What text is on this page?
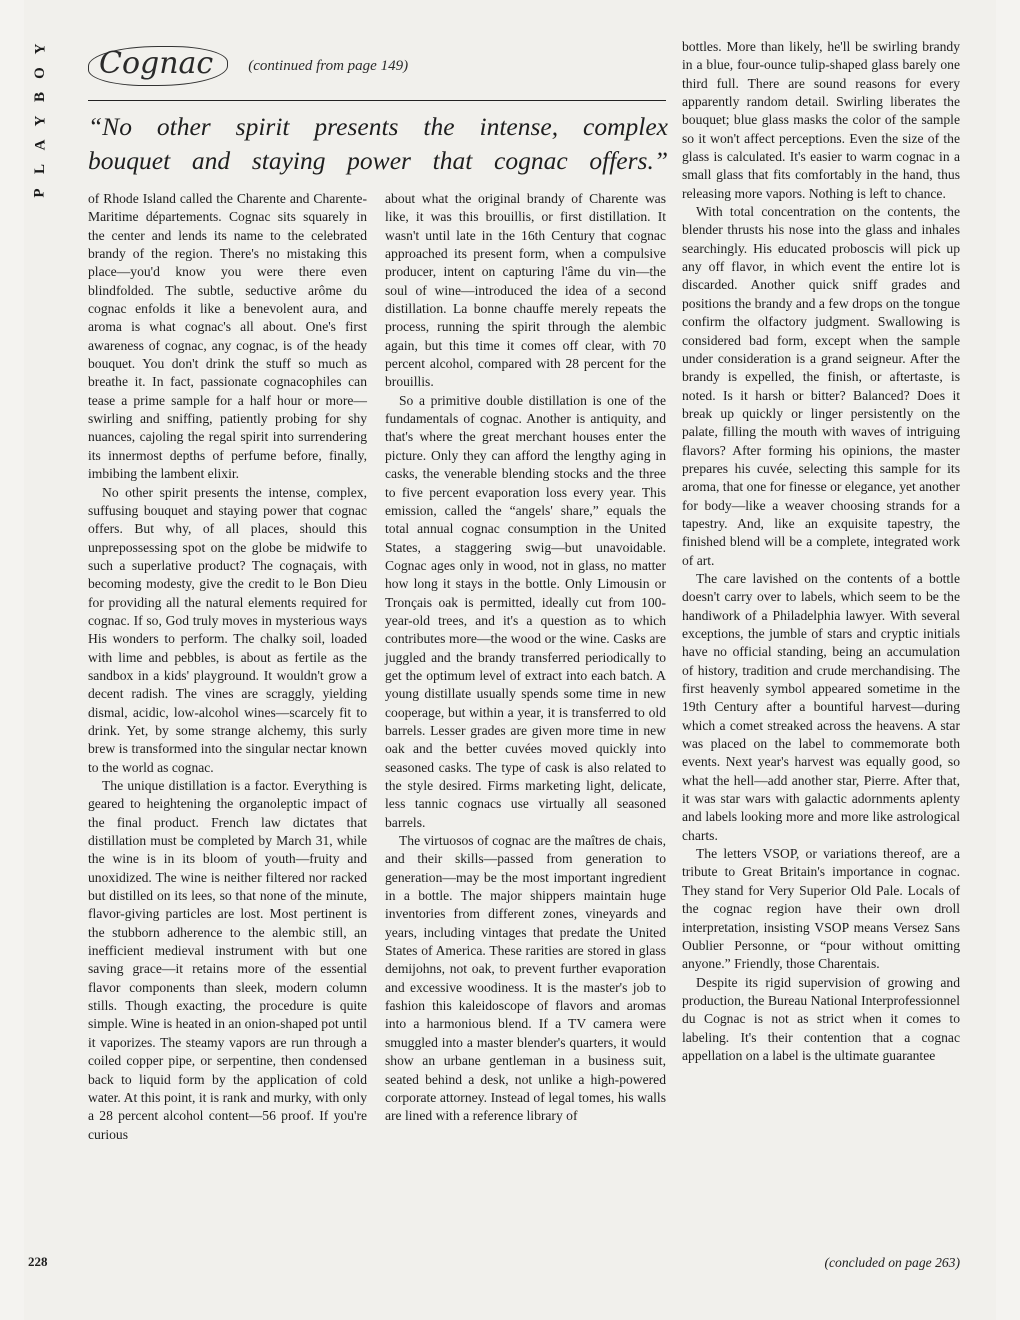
Y
O
B
Y
A
L
P
Cognac	(continued from page 149)
“No other spirit presents the intense, complex
bouquet and staying power that cognac offers.”

of Rhode Island called the Charente and Charente-Maritime départements. Cognac sits squarely in the center and lends its name to the celebrated brandy of the region. There's no mistaking this place—you'd know you were there even blindfolded. The subtle, seductive arôme du cognac enfolds it like a benevolent aura, and aroma is what cognac's all about. One's first awareness of cognac, any cognac, is of the heady bouquet. You don't drink the stuff so much as breathe it. In fact, passionate cognacophiles can tease a prime sample for a half hour or more—swirling and sniffing, patiently probing for shy nuances, cajoling the regal spirit into surrendering its innermost depths of perfume before, finally, imbibing the lambent elixir.

No other spirit presents the intense, complex, suffusing bouquet and staying power that cognac offers. But why, of all places, should this unprepossessing spot on the globe be midwife to such a superlative product? The cognaçais, with becoming modesty, give the credit to le Bon Dieu for providing all the natural elements required for cognac. If so, God truly moves in mysterious ways His wonders to perform. The chalky soil, loaded with lime and pebbles, is about as fertile as the sandbox in a kids' playground. It wouldn't grow a decent radish. The vines are scraggly, yielding dismal, acidic, low-alcohol wines—scarcely fit to drink. Yet, by some strange alchemy, this surly brew is transformed into the singular nectar known to the world as cognac.

The unique distillation is a factor. Everything is geared to heightening the organoleptic impact of the final product. French law dictates that distillation must be completed by March 31, while the wine is in its bloom of youth—fruity and unoxidized. The wine is neither filtered nor racked but distilled on its lees, so that none of the minute, flavor-giving particles are lost. Most pertinent is the stubborn adherence to the alembic still, an inefficient medieval instrument with but one saving grace—it retains more of the essential flavor components than sleek, modern column stills. Though exacting, the procedure is quite simple. Wine is heated in an onion-shaped pot until it vaporizes. The steamy vapors are run through a coiled copper pipe, or serpentine, then condensed back to liquid form by the application of cold water. At this point, it is rank and murky, with only a 28 percent alcohol content—56 proof. If you're curious

about what the original brandy of Charente was like, it was this brouillis, or first distillation. It wasn't until late in the 16th Century that cognac approached its present form, when a compulsive producer, intent on capturing l'âme du vin—the soul of wine—introduced the idea of a second distillation. La bonne chauffe merely repeats the process, running the spirit through the alembic again, but this time it comes off clear, with 70 percent alcohol, compared with 28 percent for the brouillis.

So a primitive double distillation is one of the fundamentals of cognac. Another is antiquity, and that's where the great merchant houses enter the picture. Only they can afford the lengthy aging in casks, the venerable blending stocks and the three to five percent evaporation loss every year. This emission, called the “angels' share,” equals the total annual cognac consumption in the United States, a staggering swig—but unavoidable. Cognac ages only in wood, not in glass, no matter how long it stays in the bottle. Only Limousin or Tronçais oak is permitted, ideally cut from 100-year-old trees, and it's a question as to which contributes more—the wood or the wine. Casks are juggled and the brandy transferred periodically to get the optimum level of extract into each batch. A young distillate usually spends some time in new cooperage, but within a year, it is transferred to old barrels. Lesser grades are given more time in new oak and the better cuvées moved quickly into seasoned casks. The type of cask is also related to the style desired. Firms marketing light, delicate, less tannic cognacs use virtually all seasoned barrels.

The virtuosos of cognac are the maîtres de chais, and their skills—passed from generation to generation—may be the most important ingredient in a bottle. The major shippers maintain huge inventories from different zones, vineyards and years, including vintages that predate the United States of America. These rarities are stored in glass demijohns, not oak, to prevent further evaporation and excessive woodiness. It is the master's job to fashion this kaleidoscope of flavors and aromas into a harmonious blend. If a TV camera were smuggled into a master blender's quarters, it would show an urbane gentleman in a business suit, seated behind a desk, not unlike a high-powered corporate attorney. Instead of legal tomes, his walls are lined with a reference library of

bottles. More than likely, he'll be swirling brandy in a blue, four-ounce tulip-shaped glass barely one third full. There are sound reasons for every apparently random detail. Swirling liberates the bouquet; blue glass masks the color of the sample so it won't affect perceptions. Even the size of the glass is calculated. It's easier to warm cognac in a small glass that fits comfortably in the hand, thus releasing more vapors. Nothing is left to chance.

With total concentration on the contents, the blender thrusts his nose into the glass and inhales searchingly. His educated proboscis will pick up any off flavor, in which event the entire lot is discarded. Another quick sniff grades and positions the brandy and a few drops on the tongue confirm the olfactory judgment. Swallowing is considered bad form, except when the sample under consideration is a grand seigneur. After the brandy is expelled, the finish, or aftertaste, is noted. Is it harsh or bitter? Balanced? Does it break up quickly or linger persistently on the palate, filling the mouth with waves of intriguing flavors? After forming his opinions, the master prepares his cuvée, selecting this sample for its aroma, that one for finesse or elegance, yet another for body—like a weaver choosing strands for a tapestry. And, like an exquisite tapestry, the finished blend will be a complete, integrated work of art.

The care lavished on the contents of a bottle doesn't carry over to labels, which seem to be the handiwork of a Philadelphia lawyer. With several exceptions, the jumble of stars and cryptic initials have no official standing, being an accumulation of history, tradition and crude merchandising. The first heavenly symbol appeared sometime in the 19th Century after a bountiful harvest—during which a comet streaked across the heavens. A star was placed on the label to commemorate both events. Next year's harvest was equally good, so what the hell—add another star, Pierre. After that, it was star wars with galactic adornments aplenty and labels looking more and more like astrological charts.

The letters VSOP, or variations thereof, are a tribute to Great Britain's importance in cognac. They stand for Very Superior Old Pale. Locals of the cognac region have their own droll interpretation, insisting VSOP means Versez Sans Oublier Personne, or “pour without omitting anyone.” Friendly, those Charentais.

Despite its rigid supervision of growing and production, the Bureau National Interprofessionnel du Cognac is not as strict when it comes to labeling. It's their contention that a cognac appellation on a label is the ultimate guarantee

228	(concluded on page 263)
